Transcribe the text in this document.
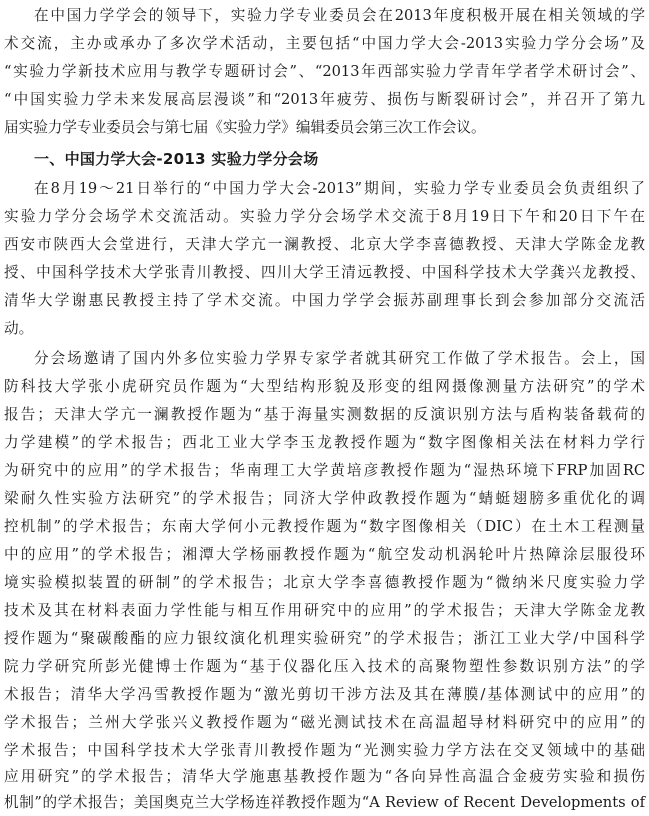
在中国力学学会的领导下，实验力学专业委员会在2013年度积极开展在相关领域的学
术交流，主办或承办了多次学术活动，主要包括“中国力学大会-2013实验力学分会场”及
“实验力学新技术应用与教学专题研讨会”、“2013年西部实验力学青年学者学术研讨会”、
“中国实验力学未来发展高层漫谈”和“2013年疲劳、损伤与断裂研讨会”，并召开了第九
届实验力学专业委员会与第七届《实验力学》编辑委员会第三次工作会议。
一、中国力学大会-2013 实验力学分会场
在8月19～21日举行的“中国力学大会-2013”期间，实验力学专业委员会负责组织了
实验力学分会场学术交流活动。实验力学分会场学术交流于8月19日下午和20日下午在
西安市陕西大会堂进行，天津大学亢一澜教授、北京大学李喜德教授、天津大学陈金龙教
授、中国科学技术大学张青川教授、四川大学王清远教授、中国科学技术大学龚兴龙教授、
清华大学谢惠民教授主持了学术交流。中国力学学会振苏副理事长到会参加部分交流活
动。
分会场邀请了国内外多位实验力学界专家学者就其研究工作做了学术报告。会上，国
防科技大学张小虎研究员作题为“大型结构形貌及形变的组网摄像测量方法研究”的学术
报告；天津大学亢一澜教授作题为“基于海量实测数据的反演识别方法与盾构装备载荷的
力学建模”的学术报告；西北工业大学李玉龙教授作题为“数字图像相关法在材料力学行
为研究中的应用”的学术报告；华南理工大学黄培彦教授作题为“湿热环境下FRP加固RC
梁耐久性实验方法研究”的学术报告；同济大学仲政教授作题为“蜻蜓翅膀多重优化的调
控机制”的学术报告；东南大学何小元教授作题为“数字图像相关（DIC）在土木工程测量
中的应用”的学术报告；湘潭大学杨丽教授作题为“航空发动机涡轮叶片热障涂层服役环
境实验模拟装置的研制”的学术报告；北京大学李喜德教授作题为“微纳米尺度实验力学
技术及其在材料表面力学性能与相互作用研究中的应用”的学术报告；天津大学陈金龙教
授作题为“聚碳酸酯的应力银纹演化机理实验研究”的学术报告；浙江工业大学/中国科学
院力学研究所彭光健博士作题为“基于仪器化压入技术的高聚物塑性参数识别方法”的学
术报告；清华大学冯雪教授作题为“激光剪切干涉方法及其在薄膜/基体测试中的应用”的
学术报告；兰州大学张兴义教授作题为“磁光测试技术在高温超导材料研究中的应用”的
学术报告；中国科学技术大学张青川教授作题为“光测实验力学方法在交叉领域中的基础
应用研究”的学术报告；清华大学施惠基教授作题为“各向异性高温合金疲劳实验和损伤
机制”的学术报告；美国奥克兰大学杨连祥教授作题为“A Review of Recent Developments of
